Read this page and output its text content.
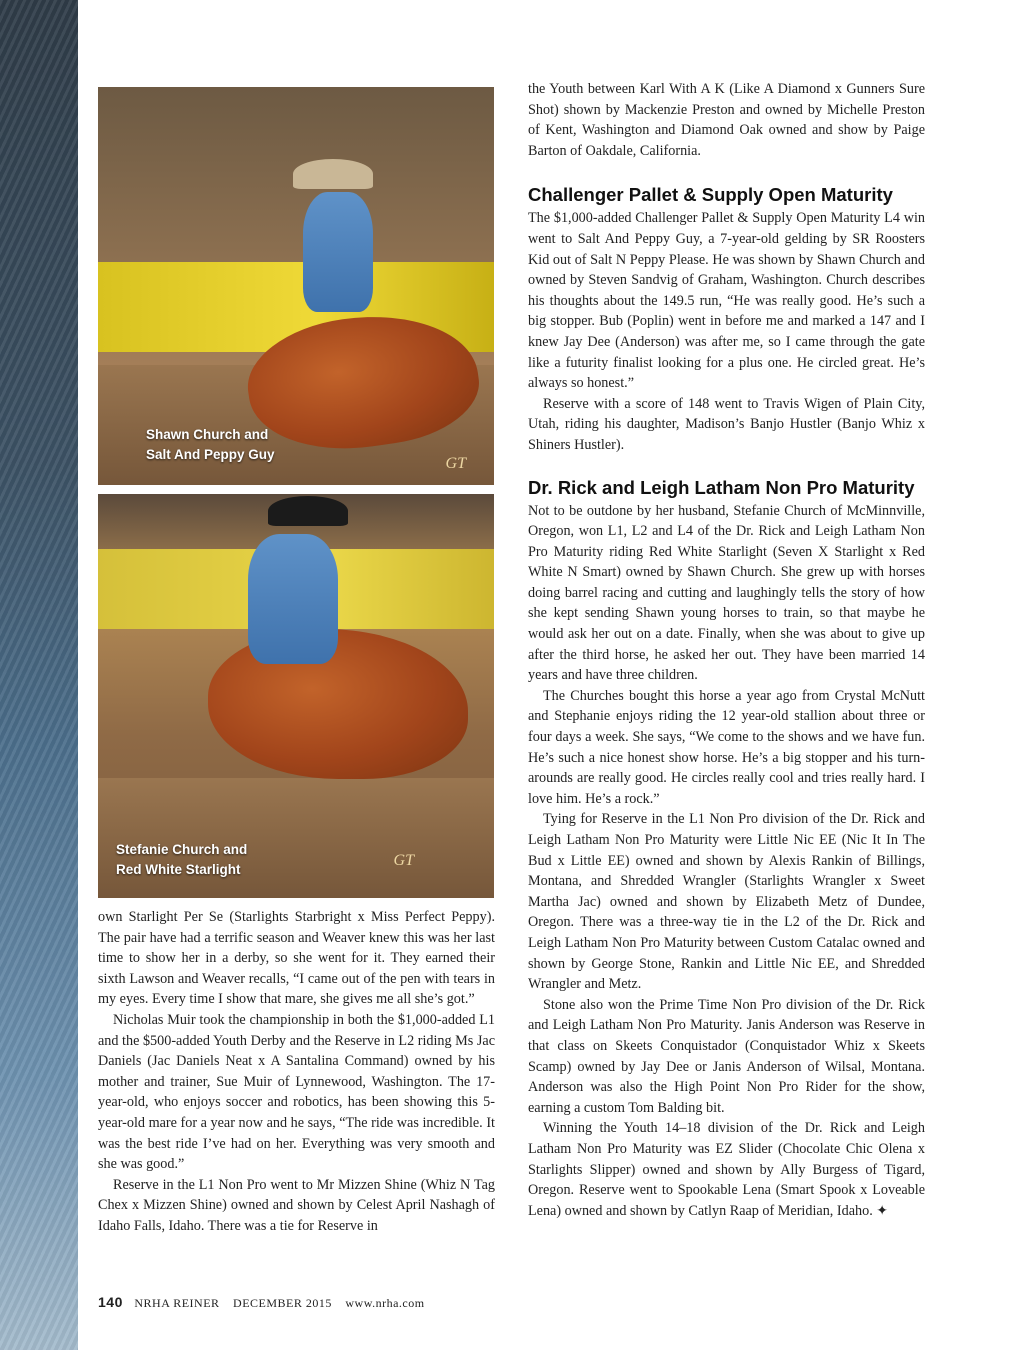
Shawn Church and
Salt And Peppy Guy
GT
Stefanie Church and
Red White Starlight
GT

own Starlight Per Se (Starlights Starbright x Miss Perfect Peppy). The pair have had a terrific season and Weaver knew this was her last time to show her in a derby, so she went for it. They earned their sixth Lawson and Weaver recalls, “I came out of the pen with tears in my eyes. Every time I show that mare, she gives me all she’s got.”

Nicholas Muir took the championship in both the $1,000-added L1 and the $500-added Youth Derby and the Reserve in L2 riding Ms Jac Daniels (Jac Daniels Neat x A Santalina Command) owned by his mother and trainer, Sue Muir of Lynnewood, Washington. The 17-year-old, who enjoys soccer and robotics, has been showing this 5-year-old mare for a year now and he says, “The ride was incredible. It was the best ride I’ve had on her. Everything was very smooth and she was good.”

Reserve in the L1 Non Pro went to Mr Mizzen Shine (Whiz N Tag Chex x Mizzen Shine) owned and shown by Celest April Nashagh of Idaho Falls, Idaho. There was a tie for Reserve in

the Youth between Karl With A K (Like A Diamond x Gunners Sure Shot) shown by Mackenzie Preston and owned by Michelle Preston of Kent, Washington and Diamond Oak owned and show by Paige Barton of Oakdale, California.

Challenger Pallet & Supply Open Maturity

The $1,000-added Challenger Pallet & Supply Open Maturity L4 win went to Salt And Peppy Guy, a 7-year-old gelding by SR Roosters Kid out of Salt N Peppy Please. He was shown by Shawn Church and owned by Steven Sandvig of Graham, Washington. Church describes his thoughts about the 149.5 run, “He was really good. He’s such a big stopper. Bub (Poplin) went in before me and marked a 147 and I knew Jay Dee (Anderson) was after me, so I came through the gate like a futurity finalist looking for a plus one. He circled great. He’s always so honest.”

Reserve with a score of 148 went to Travis Wigen of Plain City, Utah, riding his daughter, Madison’s Banjo Hustler (Banjo Whiz x Shiners Hustler).

Dr. Rick and Leigh Latham Non Pro Maturity

Not to be outdone by her husband, Stefanie Church of McMinnville, Oregon, won L1, L2 and L4 of the Dr. Rick and Leigh Latham Non Pro Maturity riding Red White Starlight (Seven X Starlight x Red White N Smart) owned by Shawn Church. She grew up with horses doing barrel racing and cutting and laughingly tells the story of how she kept sending Shawn young horses to train, so that maybe he would ask her out on a date. Finally, when she was about to give up after the third horse, he asked her out. They have been married 14 years and have three children.

The Churches bought this horse a year ago from Crystal McNutt and Stephanie enjoys riding the 12 year-old stallion about three or four days a week. She says, “We come to the shows and we have fun. He’s such a nice honest show horse. He’s a big stopper and his turn-arounds are really good. He circles really cool and tries really hard. I love him. He’s a rock.”

Tying for Reserve in the L1 Non Pro division of the Dr. Rick and Leigh Latham Non Pro Maturity were Little Nic EE (Nic It In The Bud x Little EE) owned and shown by Alexis Rankin of Billings, Montana, and Shredded Wrangler (Starlights Wrangler x Sweet Martha Jac) owned and shown by Elizabeth Metz of Dundee, Oregon. There was a three-way tie in the L2 of the Dr. Rick and Leigh Latham Non Pro Maturity between Custom Catalac owned and shown by George Stone, Rankin and Little Nic EE, and Shredded Wrangler and Metz.

Stone also won the Prime Time Non Pro division of the Dr. Rick and Leigh Latham Non Pro Maturity. Janis Anderson was Reserve in that class on Skeets Conquistador (Conquistador Whiz x Skeets Scamp) owned by Jay Dee or Janis Anderson of Wilsal, Montana. Anderson was also the High Point Non Pro Rider for the show, earning a custom Tom Balding bit.

Winning the Youth 14–18 division of the Dr. Rick and Leigh Latham Non Pro Maturity was EZ Slider (Chocolate Chic Olena x Starlights Slipper) owned and shown by Ally Burgess of Tigard, Oregon. Reserve went to Spookable Lena (Smart Spook x Loveable Lena) owned and shown by Catlyn Raap of Meridian, Idaho. ✦

140 NRHA REINER DECEMBER 2015 www.nrha.com
